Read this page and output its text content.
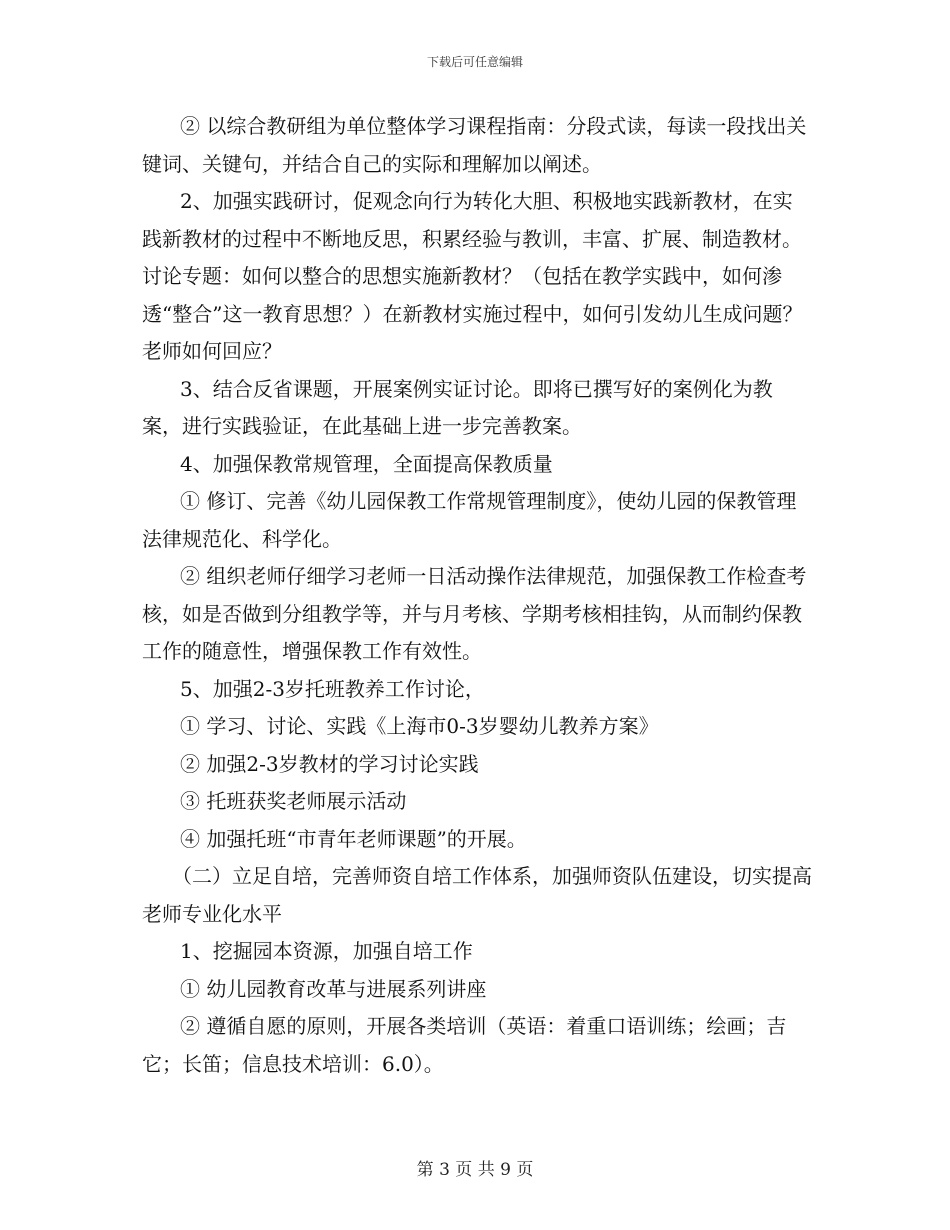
下载后可任意编辑

② 以综合教研组为单位整体学习课程指南：分段式读，每读一段找出关键词、关键句，并结合自己的实际和理解加以阐述。

2、加强实践研讨，促观念向行为转化大胆、积极地实践新教材，在实践新教材的过程中不断地反思，积累经验与教训，丰富、扩展、制造教材。讨论专题：如何以整合的思想实施新教材？（包括在教学实践中，如何渗透“整合”这一教育思想？）在新教材实施过程中，如何引发幼儿生成问题？老师如何回应？

3、结合反省课题，开展案例实证讨论。即将已撰写好的案例化为教案，进行实践验证，在此基础上进一步完善教案。

4、加强保教常规管理，全面提高保教质量

① 修订、完善《幼儿园保教工作常规管理制度》，使幼儿园的保教管理法律规范化、科学化。

② 组织老师仔细学习老师一日活动操作法律规范，加强保教工作检查考核，如是否做到分组教学等，并与月考核、学期考核相挂钩，从而制约保教工作的随意性，增强保教工作有效性。

5、加强2-3岁托班教养工作讨论，

① 学习、讨论、实践《上海市0-3岁婴幼儿教养方案》

② 加强2-3岁教材的学习讨论实践

③ 托班获奖老师展示活动

④ 加强托班“市青年老师课题”的开展。

（二）立足自培，完善师资自培工作体系，加强师资队伍建设，切实提高老师专业化水平

1、挖掘园本资源，加强自培工作

① 幼儿园教育改革与进展系列讲座

② 遵循自愿的原则，开展各类培训（英语：着重口语训练；绘画；吉它；长笛；信息技术培训：6.0）。

第 3 页 共 9 页
